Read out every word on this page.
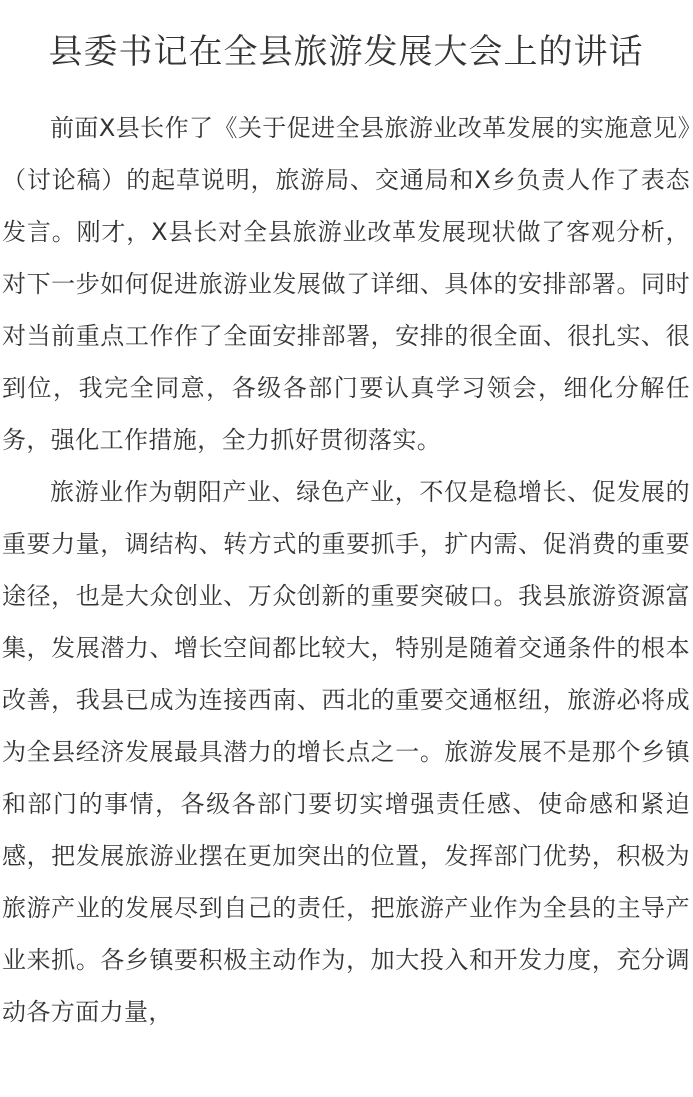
县委书记在全县旅游发展大会上的讲话

前面X县长作了《关于促进全县旅游业改革发展的实施意见》（讨论稿）的起草说明，旅游局、交通局和X乡负责人作了表态发言。刚才，X县长对全县旅游业改革发展现状做了客观分析，对下一步如何促进旅游业发展做了详细、具体的安排部署。同时对当前重点工作作了全面安排部署，安排的很全面、很扎实、很到位，我完全同意，各级各部门要认真学习领会，细化分解任务，强化工作措施，全力抓好贯彻落实。

旅游业作为朝阳产业、绿色产业，不仅是稳增长、促发展的重要力量，调结构、转方式的重要抓手，扩内需、促消费的重要途径，也是大众创业、万众创新的重要突破口。我县旅游资源富集，发展潜力、增长空间都比较大，特别是随着交通条件的根本改善，我县已成为连接西南、西北的重要交通枢纽，旅游必将成为全县经济发展最具潜力的增长点之一。旅游发展不是那个乡镇和部门的事情，各级各部门要切实增强责任感、使命感和紧迫感，把发展旅游业摆在更加突出的位置，发挥部门优势，积极为旅游产业的发展尽到自己的责任，把旅游产业作为全县的主导产业来抓。各乡镇要积极主动作为，加大投入和开发力度，充分调动各方面力量，
